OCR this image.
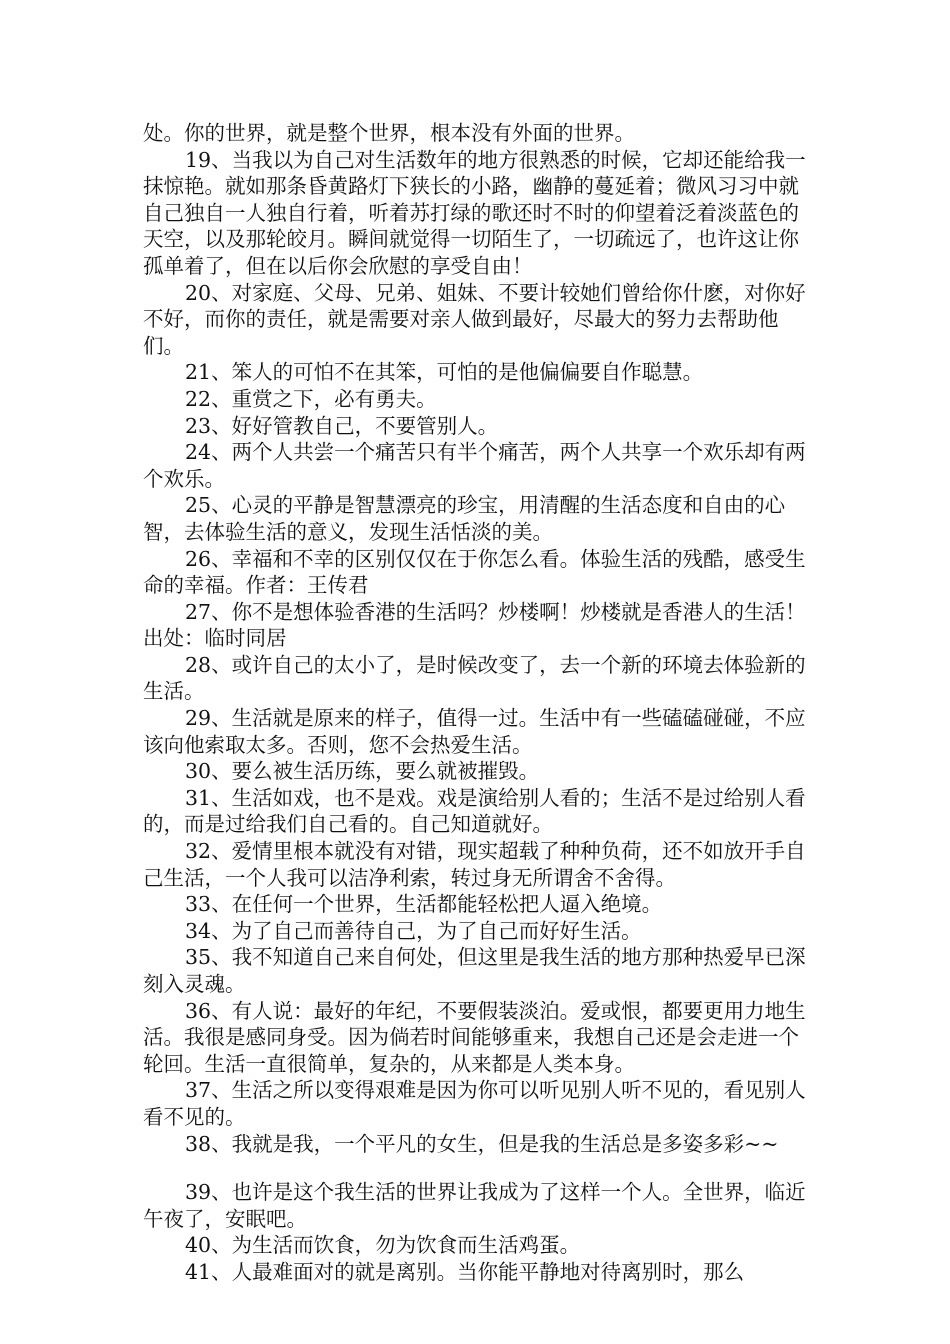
处。你的世界，就是整个世界，根本没有外面的世界。

19、当我以为自己对生活数年的地方很熟悉的时候，它却还能给我一抹惊艳。就如那条昏黄路灯下狭长的小路，幽静的蔓延着；微风习习中就自己独自一人独自行着，听着苏打绿的歌还时不时的仰望着泛着淡蓝色的天空，以及那轮皎月。瞬间就觉得一切陌生了，一切疏远了，也许这让你孤单着了，但在以后你会欣慰的享受自由！

20、对家庭、父母、兄弟、姐妹、不要计较她们曾给你什麽，对你好不好，而你的责任，就是需要对亲人做到最好，尽最大的努力去帮助他们。

21、笨人的可怕不在其笨，可怕的是他偏偏要自作聪慧。

22、重赏之下，必有勇夫。

23、好好管教自己，不要管别人。

24、两个人共尝一个痛苦只有半个痛苦，两个人共享一个欢乐却有两个欢乐。

25、心灵的平静是智慧漂亮的珍宝，用清醒的生活态度和自由的心智，去体验生活的意义，发现生活恬淡的美。

26、幸福和不幸的区别仅仅在于你怎么看。体验生活的残酷，感受生命的幸福。作者：王传君

27、你不是想体验香港的生活吗？炒楼啊！炒楼就是香港人的生活！出处：临时同居

28、或许自己的太小了，是时候改变了，去一个新的环境去体验新的生活。

29、生活就是原来的样子，值得一过。生活中有一些磕磕碰碰，不应该向他索取太多。否则，您不会热爱生活。

30、要么被生活历练，要么就被摧毁。

31、生活如戏，也不是戏。戏是演给别人看的；生活不是过给别人看的，而是过给我们自己看的。自己知道就好。

32、爱情里根本就没有对错，现实超载了种种负荷，还不如放开手自己生活，一个人我可以洁净利索，转过身无所谓舍不舍得。

33、在任何一个世界，生活都能轻松把人逼入绝境。

34、为了自己而善待自己，为了自己而好好生活。

35、我不知道自己来自何处，但这里是我生活的地方那种热爱早已深刻入灵魂。

36、有人说：最好的年纪，不要假装淡泊。爱或恨，都要更用力地生活。我很是感同身受。因为倘若时间能够重来，我想自己还是会走进一个轮回。生活一直很简单，复杂的，从来都是人类本身。

37、生活之所以变得艰难是因为你可以听见别人听不见的，看见别人看不见的。

38、我就是我，一个平凡的女生，但是我的生活总是多姿多彩~~

39、也许是这个我生活的世界让我成为了这样一个人。全世界，临近午夜了，安眠吧。

40、为生活而饮食，勿为饮食而生活鸡蛋。

41、人最难面对的就是离别。当你能平静地对待离别时，那么
